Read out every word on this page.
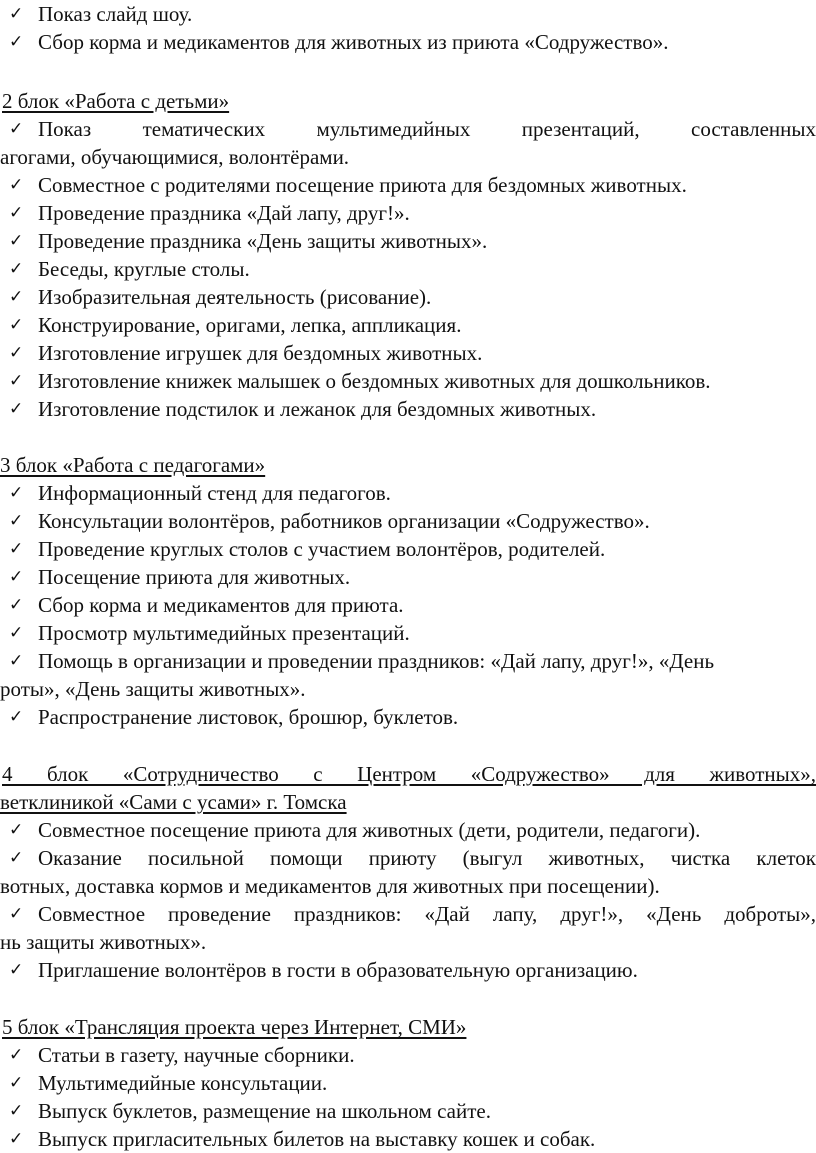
✓ Показ слайд шоу.
✓ Сбор корма и медикаментов для животных из приюта «Содружество».
2 блок «Работа с детьми»
✓ Показ тематических мультимедийных презентаций, составленных
агогами, обучающимися, волонтёрами.
✓ Совместное с родителями посещение приюта для бездомных животных.
✓ Проведение праздника «Дай лапу, друг!».
✓ Проведение праздника «День защиты животных».
✓ Беседы, круглые столы.
✓ Изобразительная деятельность (рисование).
✓ Конструирование, оригами, лепка, аппликация.
✓ Изготовление игрушек для бездомных животных.
✓ Изготовление книжек малышек о бездомных животных для дошкольников.
✓ Изготовление подстилок и лежанок для бездомных животных.
3 блок «Работа с педагогами»
✓ Информационный стенд для педагогов.
✓ Консультации волонтёров, работников организации «Содружество».
✓ Проведение круглых столов с участием волонтёров, родителей.
✓ Посещение приюта для животных.
✓ Сбор корма и медикаментов для приюта.
✓ Просмотр мультимедийных презентаций.
✓ Помощь в организации и проведении праздников: «Дай лапу, друг!», «День
роты», «День защиты животных».
✓ Распространение листовок, брошюр, буклетов.
4 блок «Сотрудничество с Центром «Содружество» для животных»,
ветклиникой «Сами с усами» г. Томска
✓ Совместное посещение приюта для животных (дети, родители, педагоги).
✓ Оказание посильной помощи приюту (выгул животных, чистка клеток
вотных, доставка кормов и медикаментов для животных при посещении).
✓ Совместное проведение праздников: «Дай лапу, друг!», «День доброты»,
нь защиты животных».
✓ Приглашение волонтёров в гости в образовательную организацию.
5 блок «Трансляция проекта через Интернет, СМИ»
✓ Статьи в газету, научные сборники.
✓ Мультимедийные консультации.
✓ Выпуск буклетов, размещение на школьном сайте.
✓ Выпуск пригласительных билетов на выставку кошек и собак.
